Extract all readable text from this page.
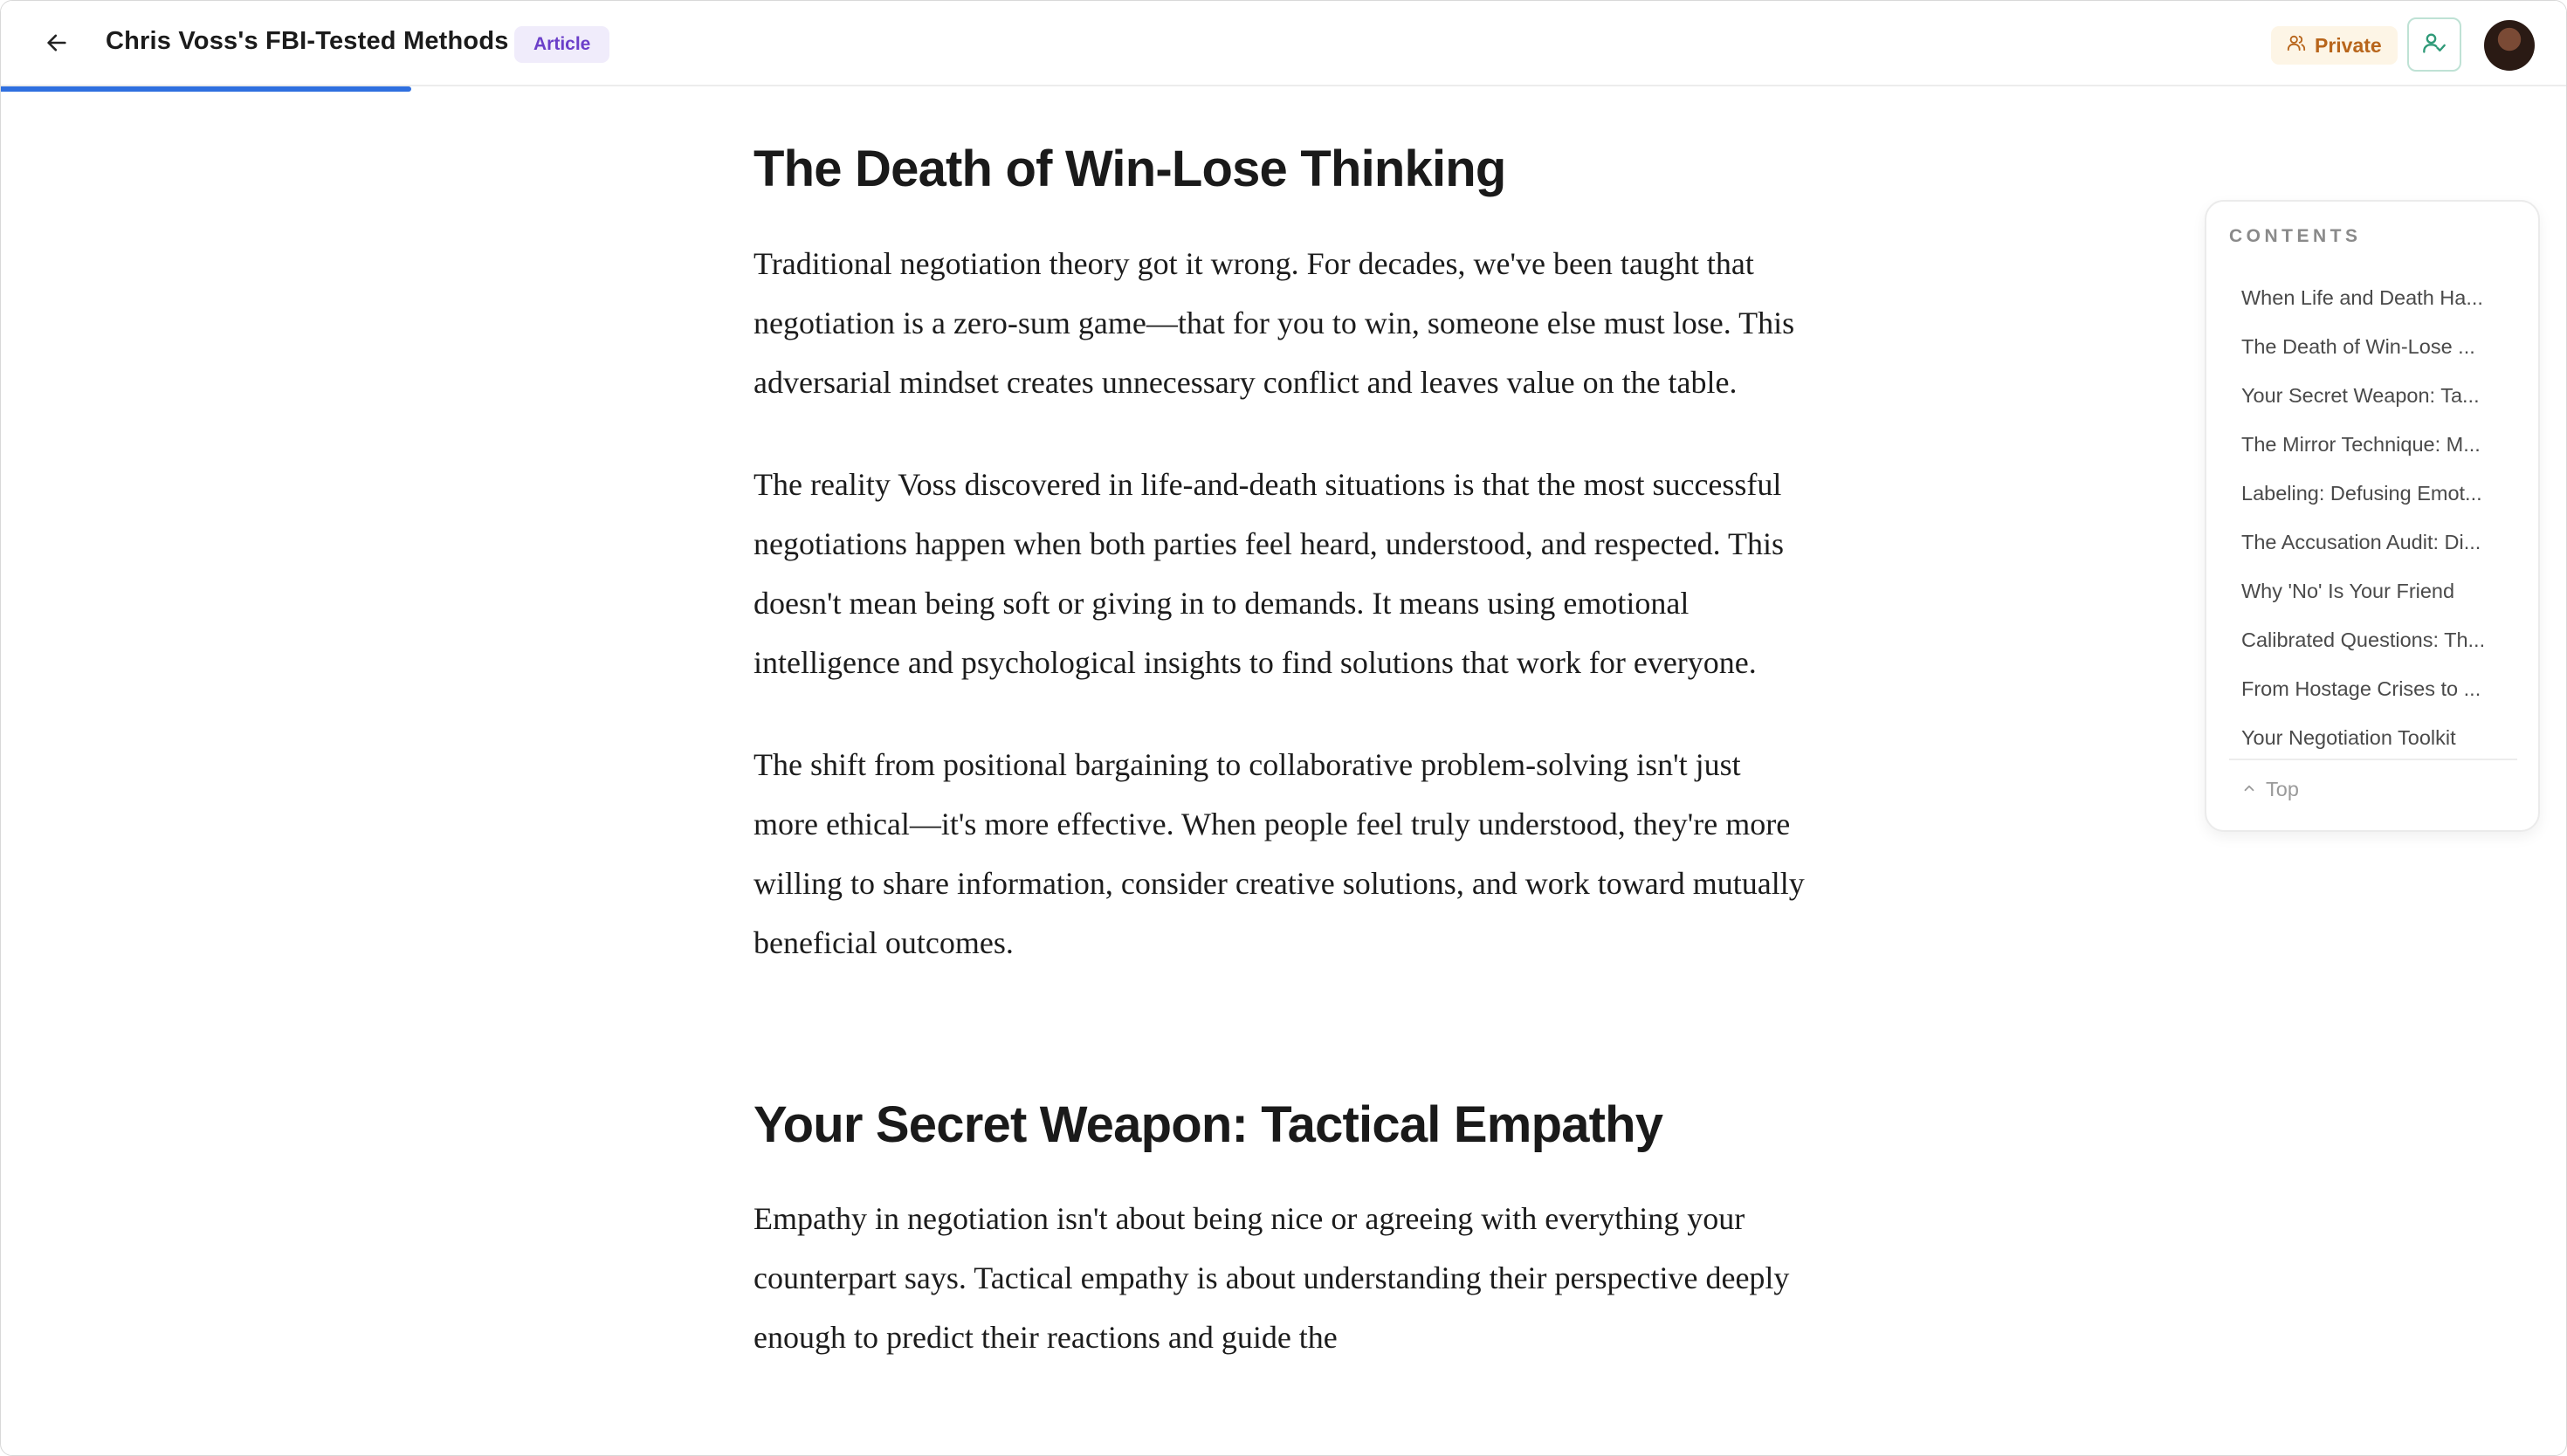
Chris Voss's FBI-Tested Methods	Article	Private
The Death of Win-Lose Thinking

Traditional negotiation theory got it wrong. For decades, we've been taught that negotiation is a zero-sum game—that for you to win, someone else must lose. This adversarial mindset creates unnecessary conflict and leaves value on the table.

The reality Voss discovered in life-and-death situations is that the most successful negotiations happen when both parties feel heard, understood, and respected. This doesn't mean being soft or giving in to demands. It means using emotional intelligence and psychological insights to find solutions that work for everyone.

The shift from positional bargaining to collaborative problem-solving isn't just more ethical—it's more effective. When people feel truly understood, they're more willing to share information, consider creative solutions, and work toward mutually beneficial outcomes.

Your Secret Weapon: Tactical Empathy

Empathy in negotiation isn't about being nice or agreeing with everything your counterpart says. Tactical empathy is about understanding their perspective deeply enough to predict their reactions and guide the

CONTENTS
When Life and Death Ha...
The Death of Win-Lose ...
Your Secret Weapon: Ta...
The Mirror Technique: M...
Labeling: Defusing Emot...
The Accusation Audit: Di...
Why 'No' Is Your Friend
Calibrated Questions: Th...
From Hostage Crises to ...
Your Negotiation Toolkit
Top
